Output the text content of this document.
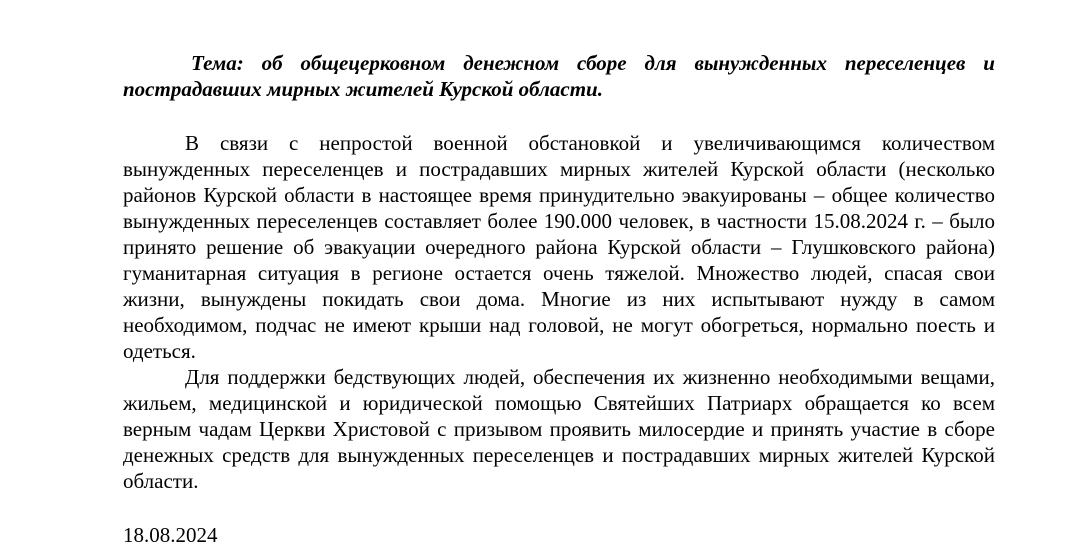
Тема: об общецерковном денежном сборе для вынужденных переселенцев и пострадавших мирных жителей Курской области.

В связи с непростой военной обстановкой и увеличивающимся количеством вынужденных переселенцев и пострадавших мирных жителей Курской области (несколько районов Курской области в настоящее время принудительно эвакуированы – общее количество вынужденных переселенцев составляет более 190.000 человек, в частности 15.08.2024 г. – было принято решение об эвакуации очередного района Курской области – Глушковского района) гуманитарная ситуация в регионе остается очень тяжелой. Множество людей, спасая свои жизни, вынуждены покидать свои дома. Многие из них испытывают нужду в самом необходимом, подчас не имеют крыши над головой, не могут обогреться, нормально поесть и одеться.

Для поддержки бедствующих людей, обеспечения их жизненно необходимыми вещами, жильем, медицинской и юридической помощью Святейших Патриарх обращается ко всем верным чадам Церкви Христовой с призывом проявить милосердие и принять участие в сборе денежных средств для вынужденных переселенцев и пострадавших мирных жителей Курской области.

18.08.2024
